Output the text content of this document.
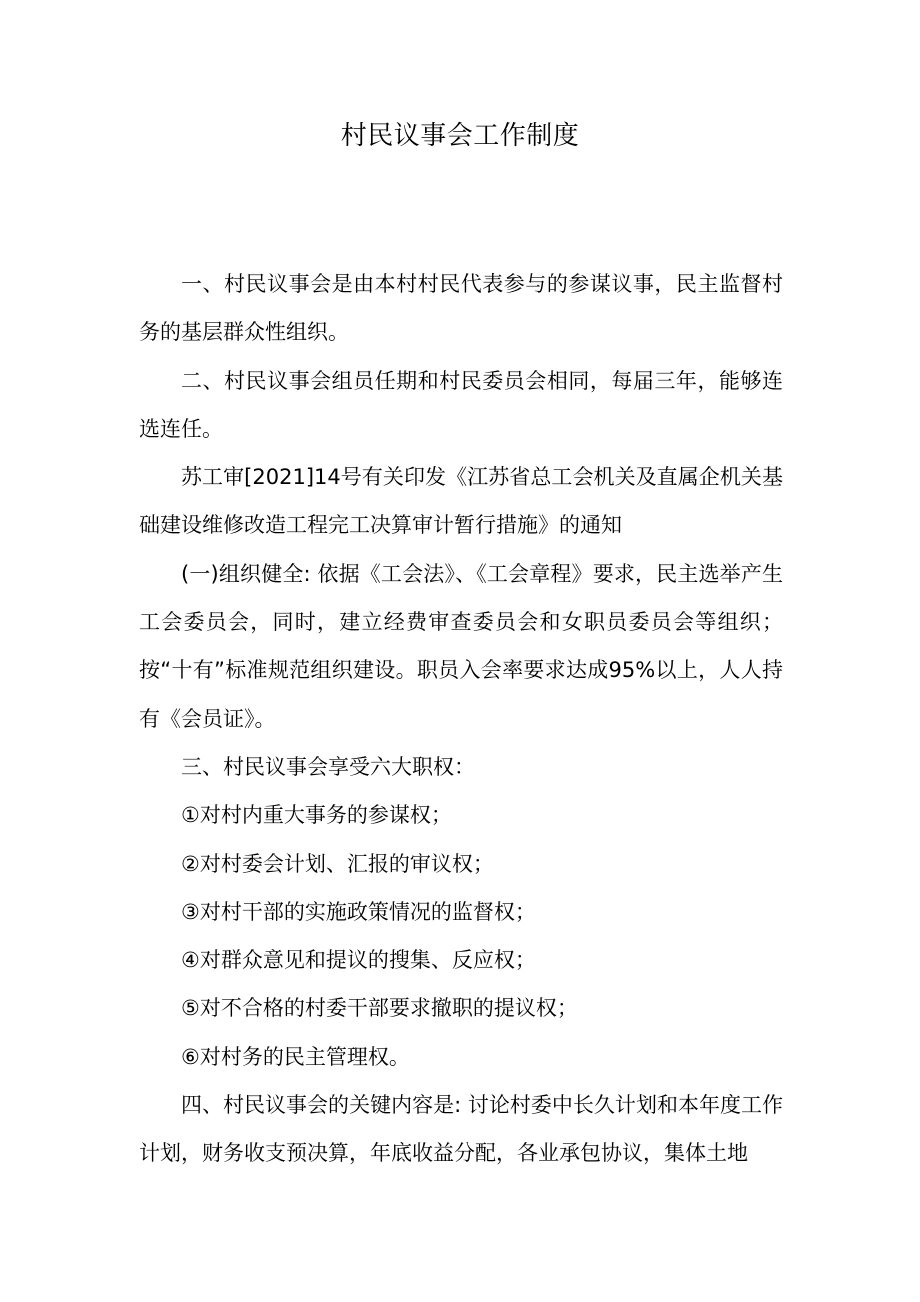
村民议事会工作制度

一、村民议事会是由本村村民代表参与的参谋议事，民主监督村务的基层群众性组织。

二、村民议事会组员任期和村民委员会相同，每届三年，能够连选连任。

苏工审[2021]14号有关印发《江苏省总工会机关及直属企机关基础建设维修改造工程完工决算审计暂行措施》的通知

(一)组织健全: 依据《工会法》、《工会章程》要求，民主选举产生工会委员会，同时，建立经费审查委员会和女职员委员会等组织；按“十有”标准规范组织建设。职员入会率要求达成95%以上，人人持有《会员证》。

三、村民议事会享受六大职权：

①对村内重大事务的参谋权；

②对村委会计划、汇报的审议权；

③对村干部的实施政策情况的监督权；

④对群众意见和提议的搜集、反应权；

⑤对不合格的村委干部要求撤职的提议权；

⑥对村务的民主管理权。

四、村民议事会的关键内容是: 讨论村委中长久计划和本年度工作计划，财务收支预决算，年底收益分配，各业承包协议，集体土地
